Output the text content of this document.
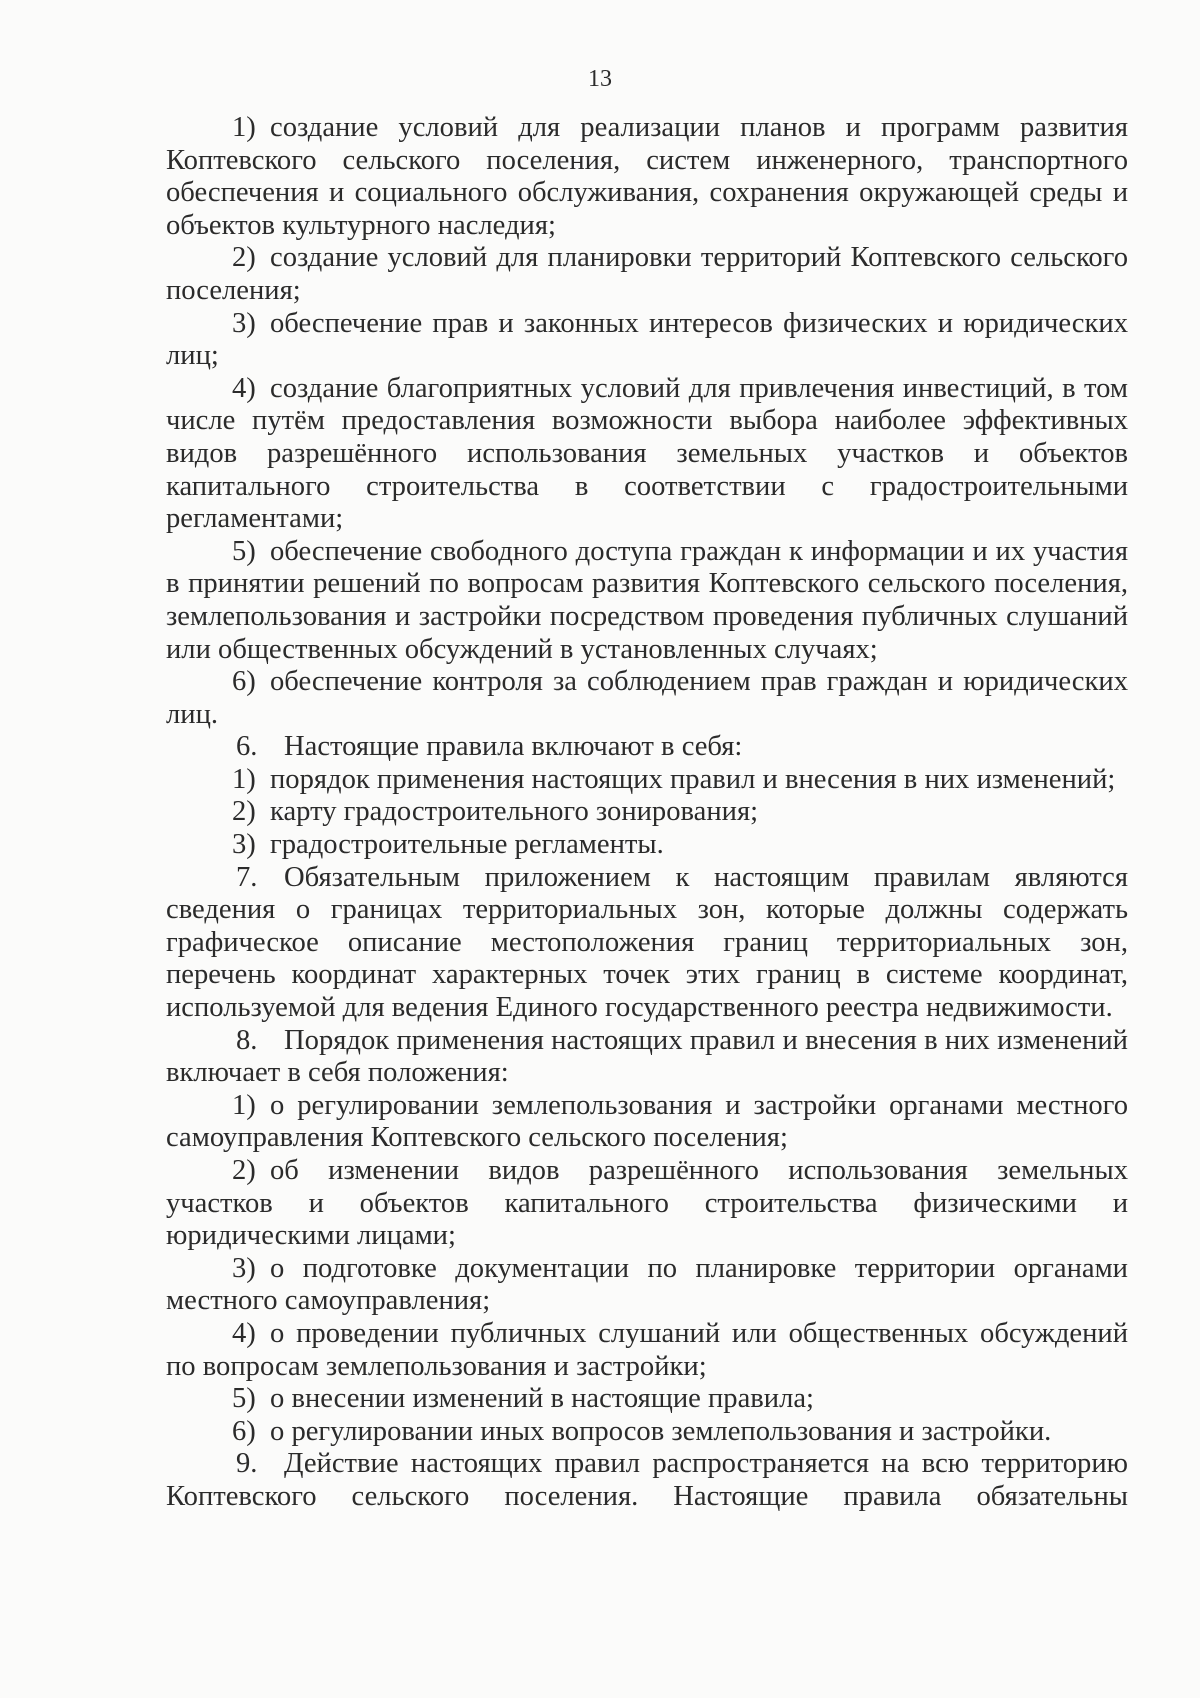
13

1) создание условий для реализации планов и программ развития Коптевского сельского поселения, систем инженерного, транспортного обеспечения и социального обслуживания, сохранения окружающей среды и объектов культурного наследия;

2) создание условий для планировки территорий Коптевского сельского поселения;

3) обеспечение прав и законных интересов физических и юридических лиц;

4) создание благоприятных условий для привлечения инвестиций, в том числе путём предоставления возможности выбора наиболее эффективных видов разрешённого использования земельных участков и объектов капитального строительства в соответствии с градостроительными регламентами;

5) обеспечение свободного доступа граждан к информации и их участия в принятии решений по вопросам развития Коптевского сельского поселения, землепользования и застройки посредством проведения публичных слушаний или общественных обсуждений в установленных случаях;

6) обеспечение контроля за соблюдением прав граждан и юридических лиц.

6. Настоящие правила включают в себя:

1) порядок применения настоящих правил и внесения в них изменений;

2) карту градостроительного зонирования;

3) градостроительные регламенты.

7. Обязательным приложением к настоящим правилам являются сведения о границах территориальных зон, которые должны содержать графическое описание местоположения границ территориальных зон, перечень координат характерных точек этих границ в системе координат, используемой для ведения Единого государственного реестра недвижимости.

8. Порядок применения настоящих правил и внесения в них изменений включает в себя положения:

1) о регулировании землепользования и застройки органами местного самоуправления Коптевского сельского поселения;

2) об изменении видов разрешённого использования земельных участков и объектов капитального строительства физическими и юридическими лицами;

3) о подготовке документации по планировке территории органами местного самоуправления;

4) о проведении публичных слушаний или общественных обсуждений по вопросам землепользования и застройки;

5) о внесении изменений в настоящие правила;

6) о регулировании иных вопросов землепользования и застройки.

9. Действие настоящих правил распространяется на всю территорию Коптевского сельского поселения. Настоящие правила обязательны
